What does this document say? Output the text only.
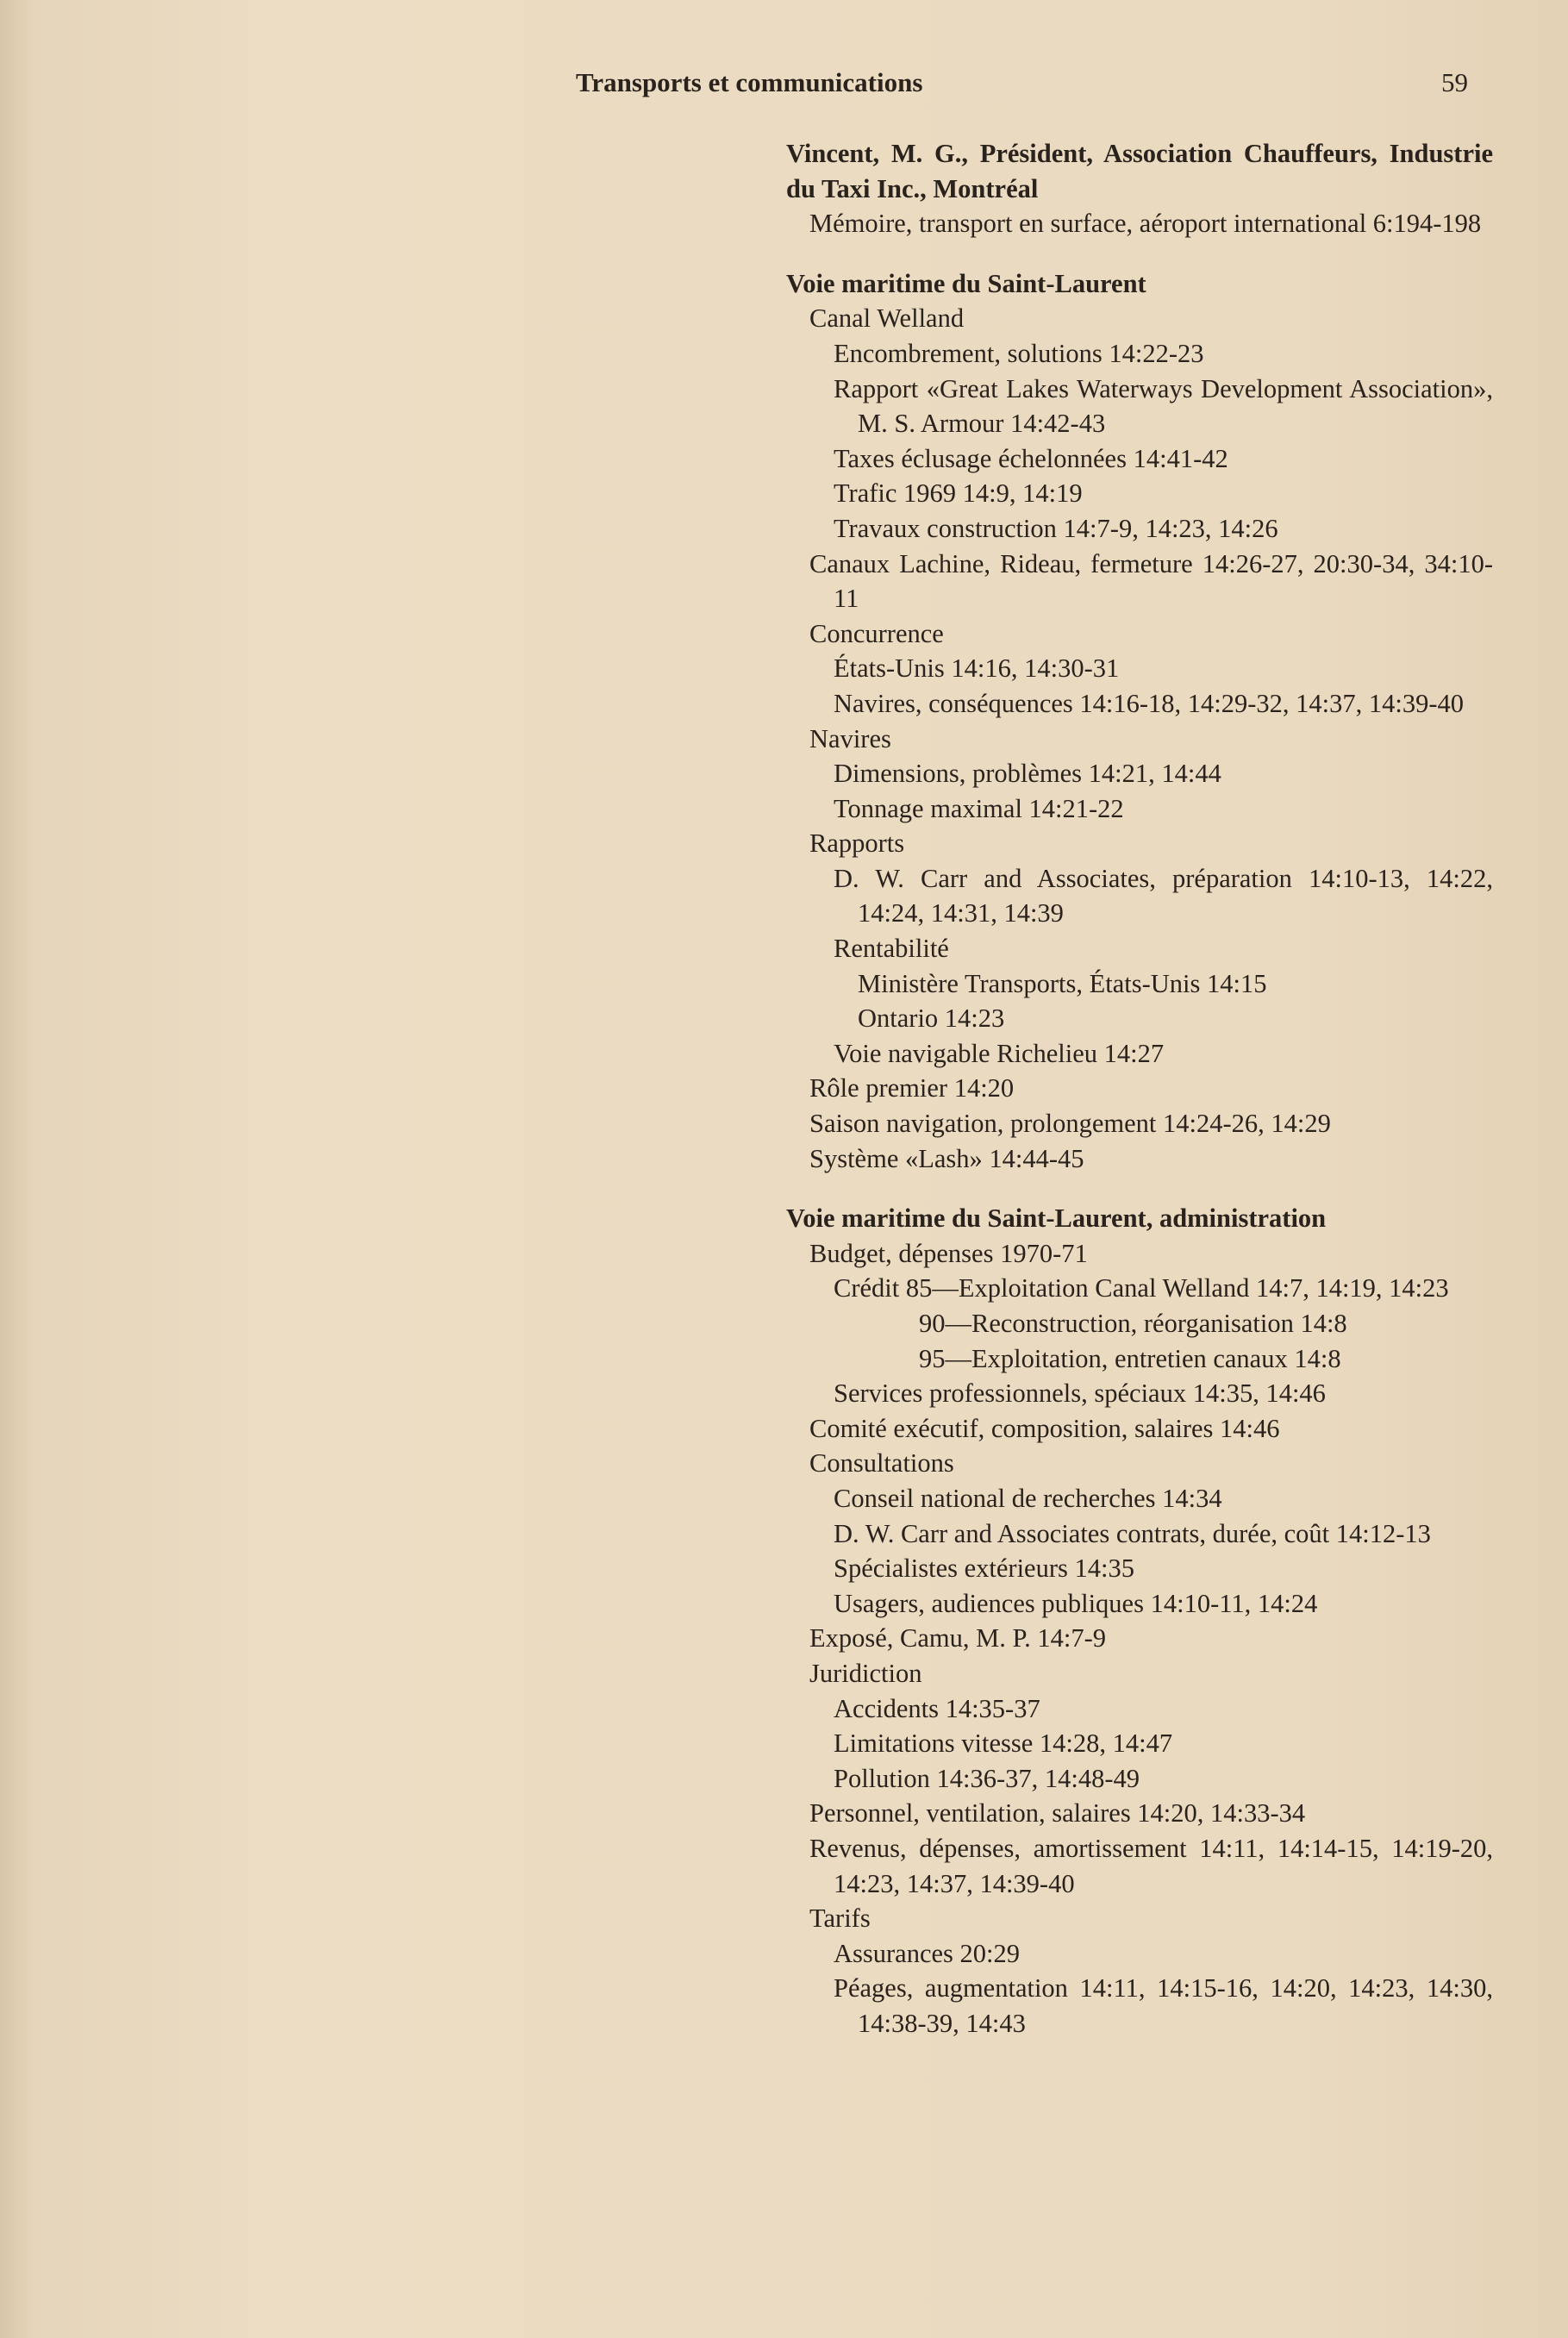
Transports et communications	59
Vincent, M. G., Président, Association Chauffeurs, Industrie du Taxi Inc., Montréal
Mémoire, transport en surface, aéroport international 6:194-198
Voie maritime du Saint-Laurent
Canal Welland
Encombrement, solutions 14:22-23
Rapport «Great Lakes Waterways Development Association», M. S. Armour 14:42-43
Taxes éclusage échelonnées 14:41-42
Trafic 1969 14:9, 14:19
Travaux construction 14:7-9, 14:23, 14:26
Canaux Lachine, Rideau, fermeture 14:26-27, 20:30-34, 34:10-11
Concurrence
États-Unis 14:16, 14:30-31
Navires, conséquences 14:16-18, 14:29-32, 14:37, 14:39-40
Navires
Dimensions, problèmes 14:21, 14:44
Tonnage maximal 14:21-22
Rapports
D. W. Carr and Associates, préparation 14:10-13, 14:22, 14:24, 14:31, 14:39
Rentabilité
Ministère Transports, États-Unis 14:15
Ontario 14:23
Voie navigable Richelieu 14:27
Rôle premier 14:20
Saison navigation, prolongement 14:24-26, 14:29
Système «Lash» 14:44-45
Voie maritime du Saint-Laurent, administration
Budget, dépenses 1970-71
Crédit 85—Exploitation Canal Welland 14:7, 14:19, 14:23
90—Reconstruction, réorganisation 14:8
95—Exploitation, entretien canaux 14:8
Services professionnels, spéciaux 14:35, 14:46
Comité exécutif, composition, salaires 14:46
Consultations
Conseil national de recherches 14:34
D. W. Carr and Associates contrats, durée, coût 14:12-13
Spécialistes extérieurs 14:35
Usagers, audiences publiques 14:10-11, 14:24
Exposé, Camu, M. P. 14:7-9
Juridiction
Accidents 14:35-37
Limitations vitesse 14:28, 14:47
Pollution 14:36-37, 14:48-49
Personnel, ventilation, salaires 14:20, 14:33-34
Revenus, dépenses, amortissement 14:11, 14:14-15, 14:19-20, 14:23, 14:37, 14:39-40
Tarifs
Assurances 20:29
Péages, augmentation 14:11, 14:15-16, 14:20, 14:23, 14:30, 14:38-39, 14:43
